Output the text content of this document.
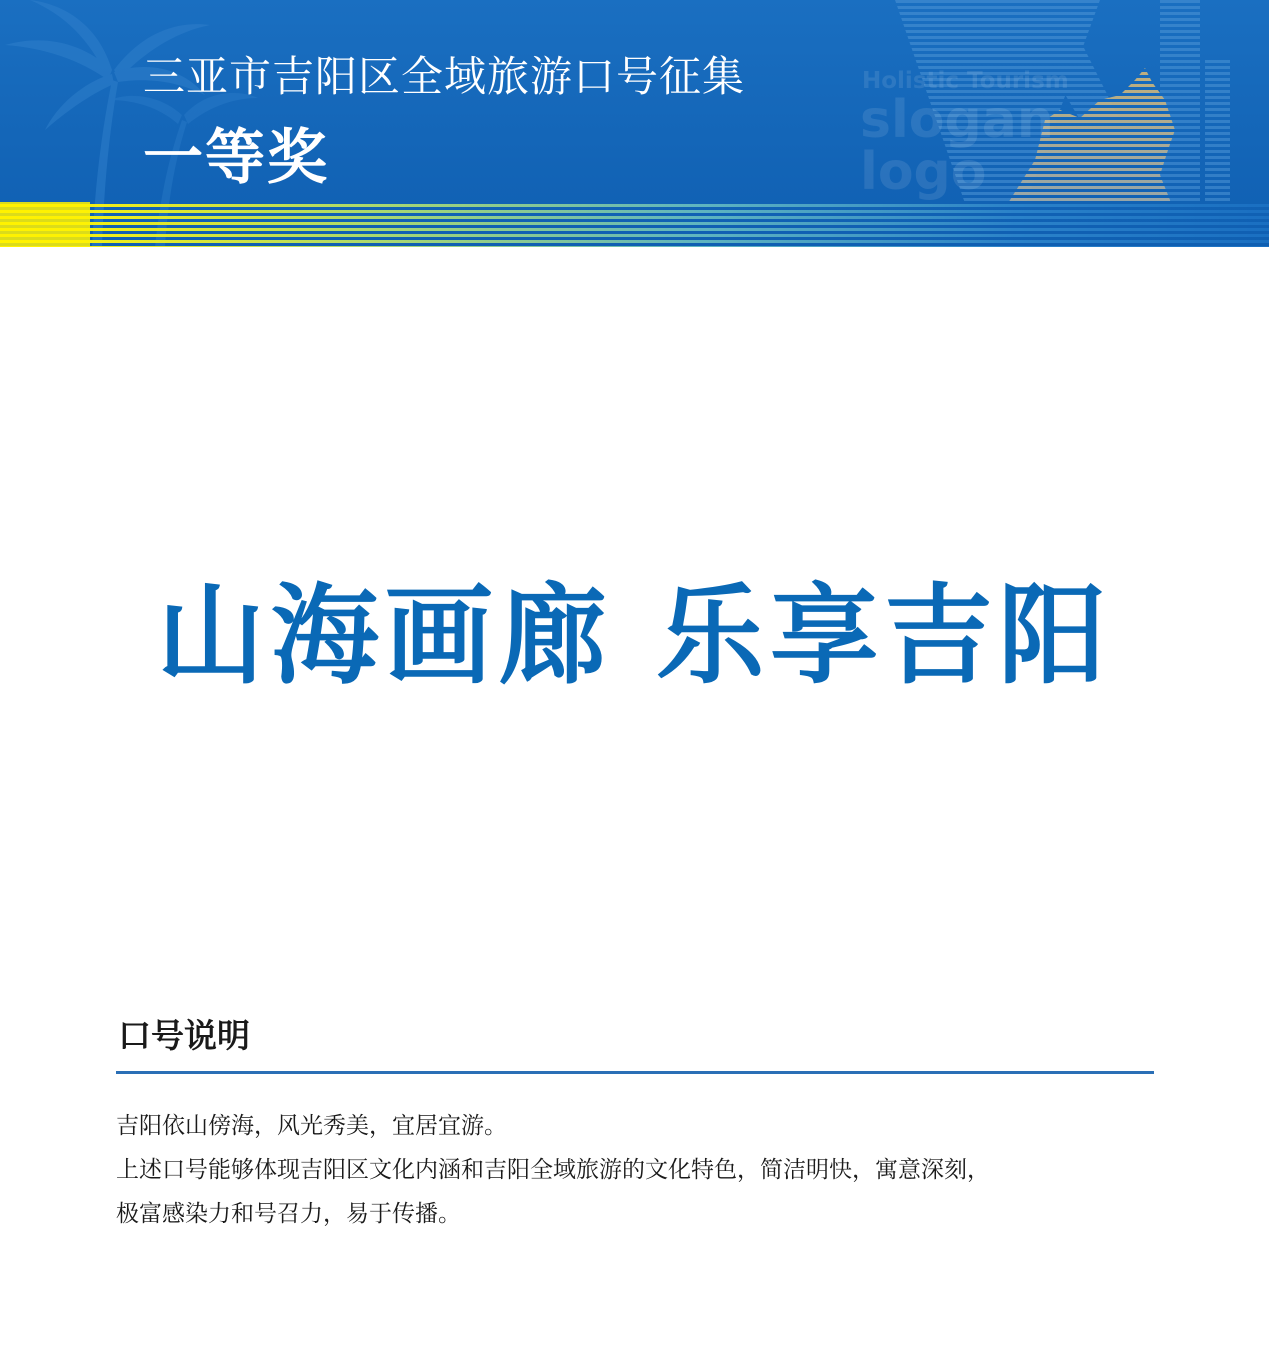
Holistic Tourism
slogan
logo
三亚市吉阳区全域旅游口号征集
一等奖

山海画廊 乐享吉阳

口号说明

吉阳依山傍海，风光秀美，宜居宜游。

上述口号能够体现吉阳区文化内涵和吉阳全域旅游的文化特色，简洁明快，寓意深刻，

极富感染力和号召力，易于传播。
